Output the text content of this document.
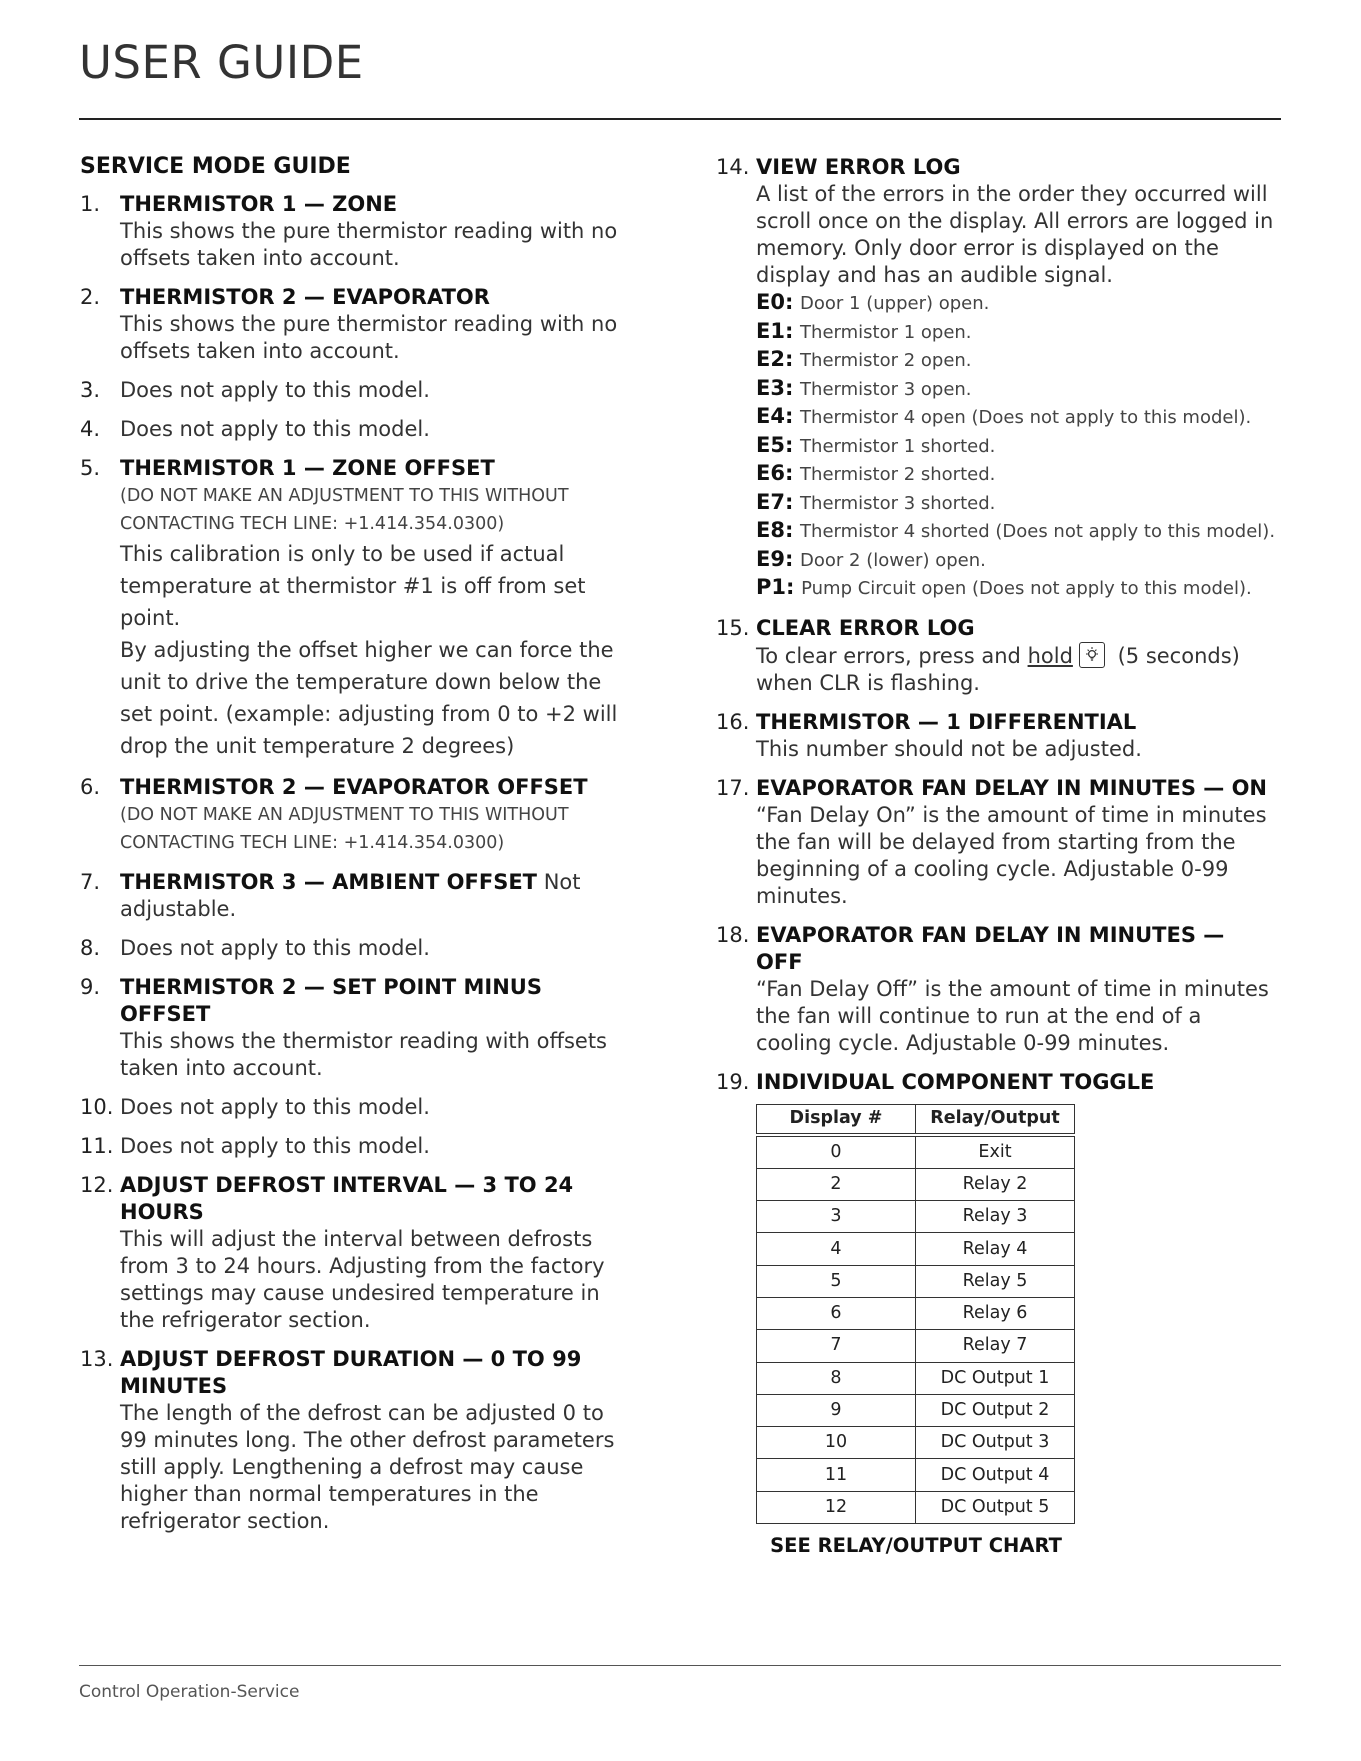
USER GUIDE
SERVICE MODE GUIDE
1. THERMISTOR 1 — ZONE
This shows the pure thermistor reading with no offsets taken into account.
2. THERMISTOR 2 — EVAPORATOR
This shows the pure thermistor reading with no offsets taken into account.
3. Does not apply to this model.
4. Does not apply to this model.
5. THERMISTOR 1 — ZONE OFFSET
(DO NOT MAKE AN ADJUSTMENT TO THIS WITHOUT CONTACTING TECH LINE: +1.414.354.0300)
This calibration is only to be used if actual temperature at thermistor #1 is off from set point.
By adjusting the offset higher we can force the unit to drive the temperature down below the set point. (example: adjusting from 0 to +2 will drop the unit temperature 2 degrees)
6. THERMISTOR 2 — EVAPORATOR OFFSET
(DO NOT MAKE AN ADJUSTMENT TO THIS WITHOUT CONTACTING TECH LINE: +1.414.354.0300)
7. THERMISTOR 3 — AMBIENT OFFSET Not adjustable.
8. Does not apply to this model.
9. THERMISTOR 2 — SET POINT MINUS OFFSET
This shows the thermistor reading with offsets taken into account.
10. Does not apply to this model.
11. Does not apply to this model.
12. ADJUST DEFROST INTERVAL — 3 TO 24 HOURS
This will adjust the interval between defrosts from 3 to 24 hours. Adjusting from the factory settings may cause undesired temperature in the refrigerator section.
13. ADJUST DEFROST DURATION — 0 TO 99 MINUTES
The length of the defrost can be adjusted 0 to 99 minutes long. The other defrost parameters still apply. Lengthening a defrost may cause higher than normal temperatures in the refrigerator section.
14. VIEW ERROR LOG
A list of the errors in the order they occurred will scroll once on the display. All errors are logged in memory. Only door error is displayed on the display and has an audible signal.
E0: Door 1 (upper) open.
E1: Thermistor 1 open.
E2: Thermistor 2 open.
E3: Thermistor 3 open.
E4: Thermistor 4 open (Does not apply to this model).
E5: Thermistor 1 shorted.
E6: Thermistor 2 shorted.
E7: Thermistor 3 shorted.
E8: Thermistor 4 shorted (Does not apply to this model).
E9: Door 2 (lower) open.
P1: Pump Circuit open (Does not apply to this model).
15. CLEAR ERROR LOG
To clear errors, press and hold (5 seconds) when CLR is flashing.
16. THERMISTOR — 1 DIFFERENTIAL
This number should not be adjusted.
17. EVAPORATOR FAN DELAY IN MINUTES — ON
“Fan Delay On” is the amount of time in minutes the fan will be delayed from starting from the beginning of a cooling cycle. Adjustable 0-99 minutes.
18. EVAPORATOR FAN DELAY IN MINUTES — OFF
“Fan Delay Off” is the amount of time in minutes the fan will continue to run at the end of a cooling cycle. Adjustable 0-99 minutes.
19. INDIVIDUAL COMPONENT TOGGLE
Display #	Relay/Output
0	Exit
2	Relay 2
3	Relay 3
4	Relay 4
5	Relay 5
6	Relay 6
7	Relay 7
8	DC Output 1
9	DC Output 2
10	DC Output 3
11	DC Output 4
12	DC Output 5
SEE RELAY/OUTPUT CHART
Control Operation-Service
